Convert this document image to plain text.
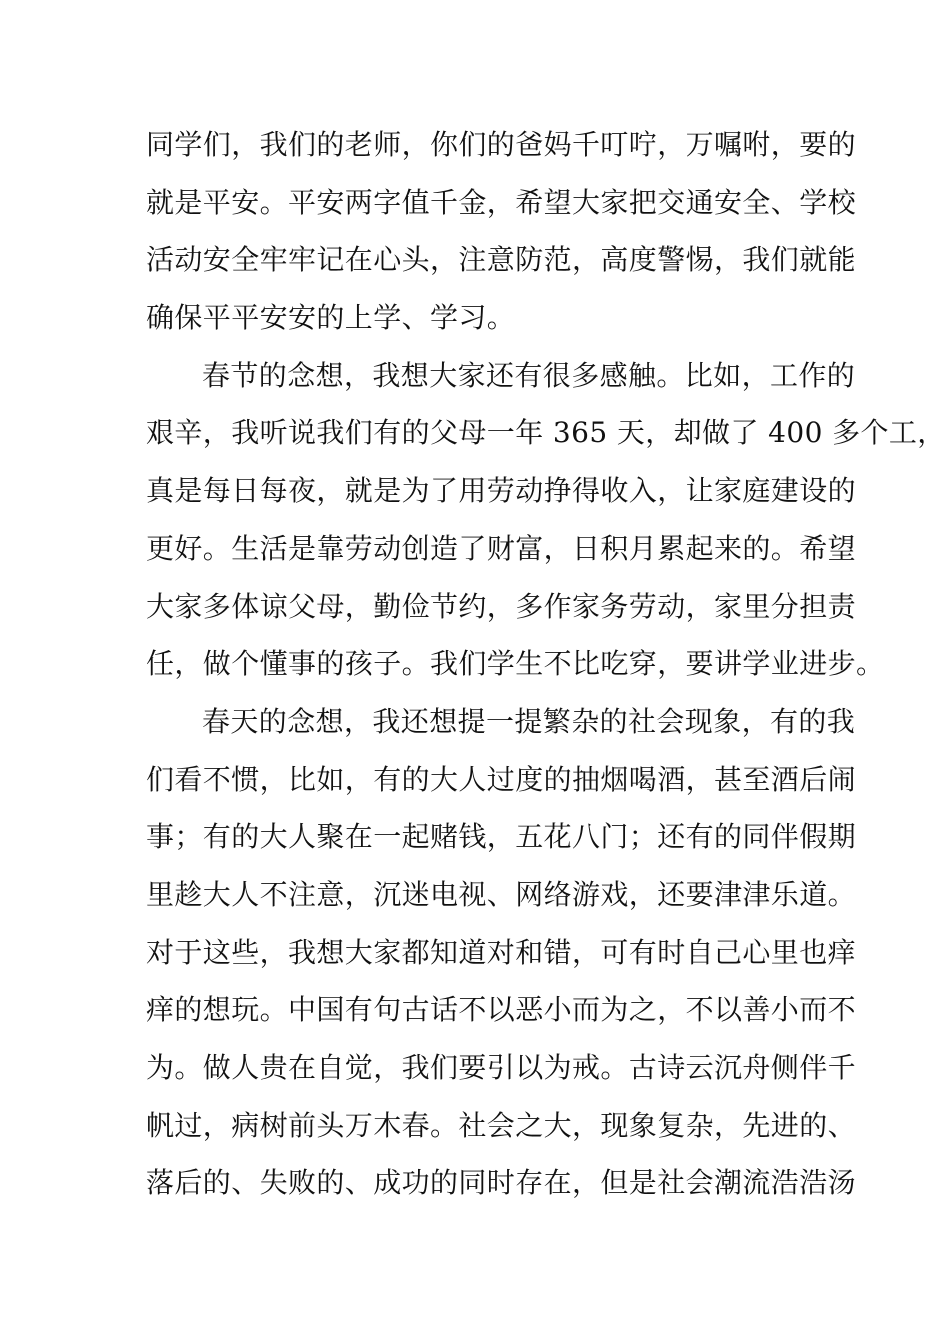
同学们，我们的老师，你们的爸妈千叮咛，万嘱咐，要的
就是平安。平安两字值千金，希望大家把交通安全、学校
活动安全牢牢记在心头，注意防范，高度警惕，我们就能
确保平平安安的上学、学习。
春节的念想，我想大家还有很多感触。比如，工作的
艰辛，我听说我们有的父母一年 365 天，却做了 400 多个工，
真是每日每夜，就是为了用劳动挣得收入，让家庭建设的
更好。生活是靠劳动创造了财富，日积月累起来的。希望
大家多体谅父母，勤俭节约，多作家务劳动，家里分担责
任，做个懂事的孩子。我们学生不比吃穿，要讲学业进步。
春天的念想，我还想提一提繁杂的社会现象，有的我
们看不惯，比如，有的大人过度的抽烟喝酒，甚至酒后闹
事；有的大人聚在一起赌钱，五花八门；还有的同伴假期
里趁大人不注意，沉迷电视、网络游戏，还要津津乐道。
对于这些，我想大家都知道对和错，可有时自己心里也痒
痒的想玩。中国有句古话不以恶小而为之，不以善小而不
为。做人贵在自觉，我们要引以为戒。古诗云沉舟侧伴千
帆过，病树前头万木春。社会之大，现象复杂，先进的、
落后的、失败的、成功的同时存在，但是社会潮流浩浩汤
